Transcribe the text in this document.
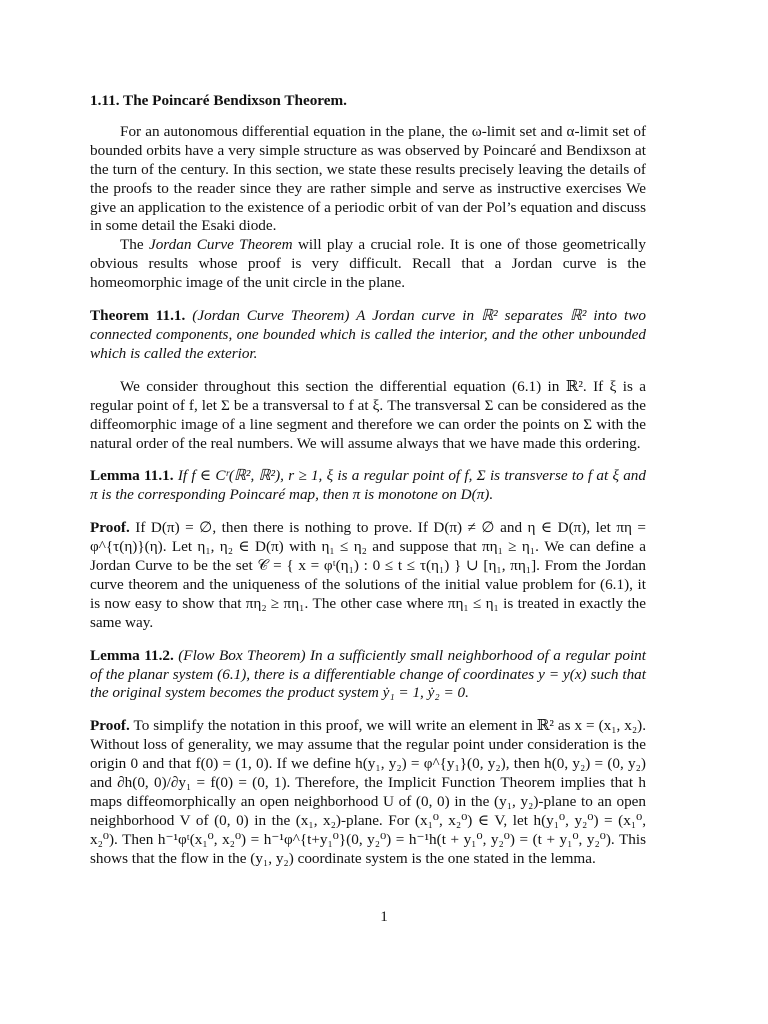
1.11. The Poincaré Bendixson Theorem.

For an autonomous differential equation in the plane, the ω-limit set and α-limit set of bounded orbits have a very simple structure as was observed by Poincaré and Bendixson at the turn of the century. In this section, we state these results precisely leaving the details of the proofs to the reader since they are rather simple and serve as instructive exercises We give an application to the existence of a periodic orbit of van der Pol’s equation and discuss in some detail the Esaki diode.

The Jordan Curve Theorem will play a crucial role. It is one of those geometrically obvious results whose proof is very difficult. Recall that a Jordan curve is the homeomorphic image of the unit circle in the plane.

Theorem 11.1. (Jordan Curve Theorem) A Jordan curve in ℝ² separates ℝ² into two connected components, one bounded which is called the interior, and the other unbounded which is called the exterior.

We consider throughout this section the differential equation (6.1) in ℝ². If ξ is a regular point of f, let Σ be a transversal to f at ξ. The transversal Σ can be considered as the diffeomorphic image of a line segment and therefore we can order the points on Σ with the natural order of the real numbers. We will assume always that we have made this ordering.

Lemma 11.1. If f ∈ Cʳ(ℝ², ℝ²), r ≥ 1, ξ is a regular point of f, Σ is transverse to f at ξ and π is the corresponding Poincaré map, then π is monotone on D(π).

Proof. If D(π) = ∅, then there is nothing to prove. If D(π) ≠ ∅ and η ∈ D(π), let πη = φ^{τ(η)}(η). Let η₁, η₂ ∈ D(π) with η₁ ≤ η₂ and suppose that πη₁ ≥ η₁. We can define a Jordan Curve to be the set 𝒞 = { x = φᵗ(η₁) : 0 ≤ t ≤ τ(η₁) } ∪ [η₁, πη₁]. From the Jordan curve theorem and the uniqueness of the solutions of the initial value problem for (6.1), it is now easy to show that πη₂ ≥ πη₁. The other case where πη₁ ≤ η₁ is treated in exactly the same way.

Lemma 11.2. (Flow Box Theorem) In a sufficiently small neighborhood of a regular point of the planar system (6.1), there is a differentiable change of coordinates y = y(x) such that the original system becomes the product system ẏ₁ = 1, ẏ₂ = 0.

Proof. To simplify the notation in this proof, we will write an element in ℝ² as x = (x₁, x₂). Without loss of generality, we may assume that the regular point under consideration is the origin 0 and that f(0) = (1, 0). If we define h(y₁, y₂) = φ^{y₁}(0, y₂), then h(0, y₂) = (0, y₂) and ∂h(0, 0)/∂y₁ = f(0) = (0, 1). Therefore, the Implicit Function Theorem implies that h maps diffeomorphically an open neighborhood U of (0, 0) in the (y₁, y₂)-plane to an open neighborhood V of (0, 0) in the (x₁, x₂)-plane. For (x₁⁰, x₂⁰) ∈ V, let h(y₁⁰, y₂⁰) = (x₁⁰, x₂⁰). Then h⁻¹φᵗ(x₁⁰, x₂⁰) = h⁻¹φ^{t+y₁⁰}(0, y₂⁰) = h⁻¹h(t + y₁⁰, y₂⁰) = (t + y₁⁰, y₂⁰). This shows that the flow in the (y₁, y₂) coordinate system is the one stated in the lemma.

1
